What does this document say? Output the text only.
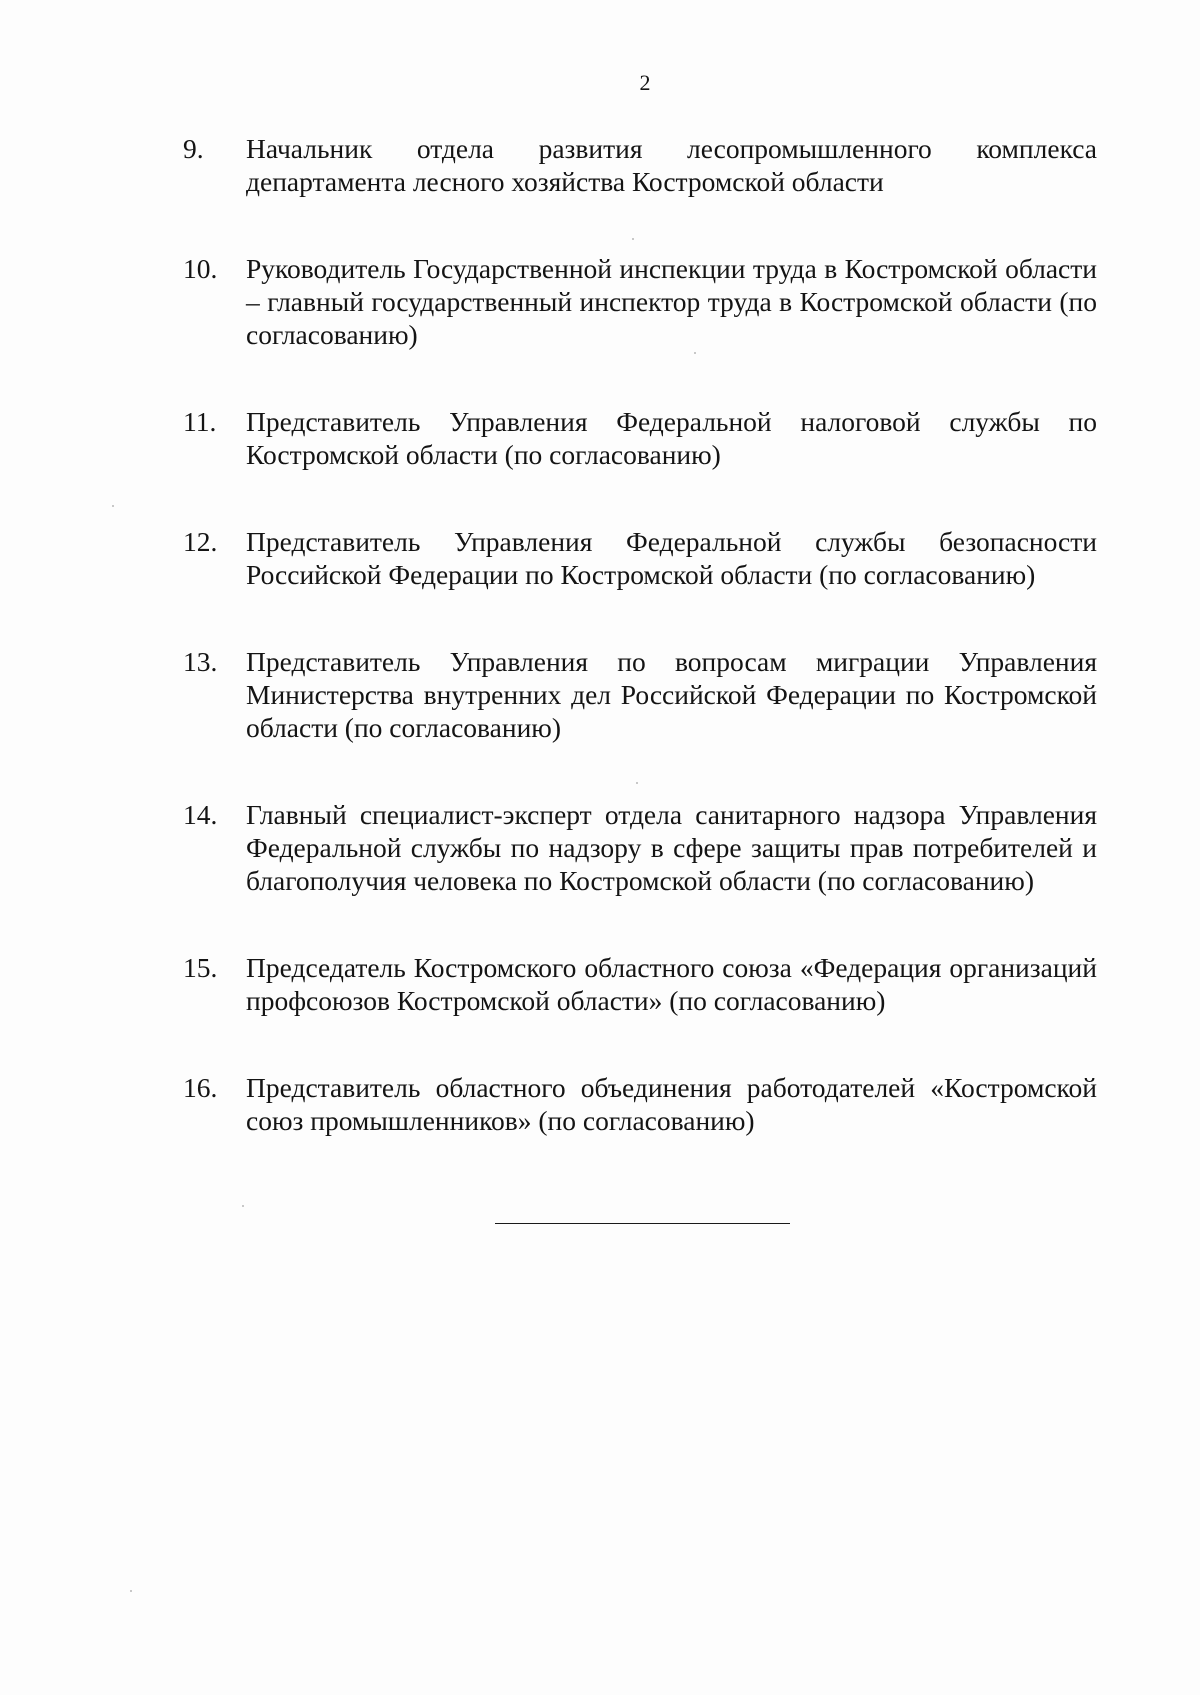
2
9. Начальник отдела развития лесопромышленного комплекса департамента лесного хозяйства Костромской области
10. Руководитель Государственной инспекции труда в Костромской области – главный государственный инспектор труда в Костромской области (по согласованию)
11. Представитель Управления Федеральной налоговой службы по Костромской области (по согласованию)
12. Представитель Управления Федеральной службы безопасности Российской Федерации по Костромской области (по согласованию)
13. Представитель Управления по вопросам миграции Управления Министерства внутренних дел Российской Федерации по Костромской области (по согласованию)
14. Главный специалист-эксперт отдела санитарного надзора Управления Федеральной службы по надзору в сфере защиты прав потребителей и благополучия человека по Костромской области (по согласованию)
15. Председатель Костромского областного союза «Федерация организаций профсоюзов Костромской области» (по согласованию)
16. Представитель областного объединения работодателей «Костромской союз промышленников» (по согласованию)
